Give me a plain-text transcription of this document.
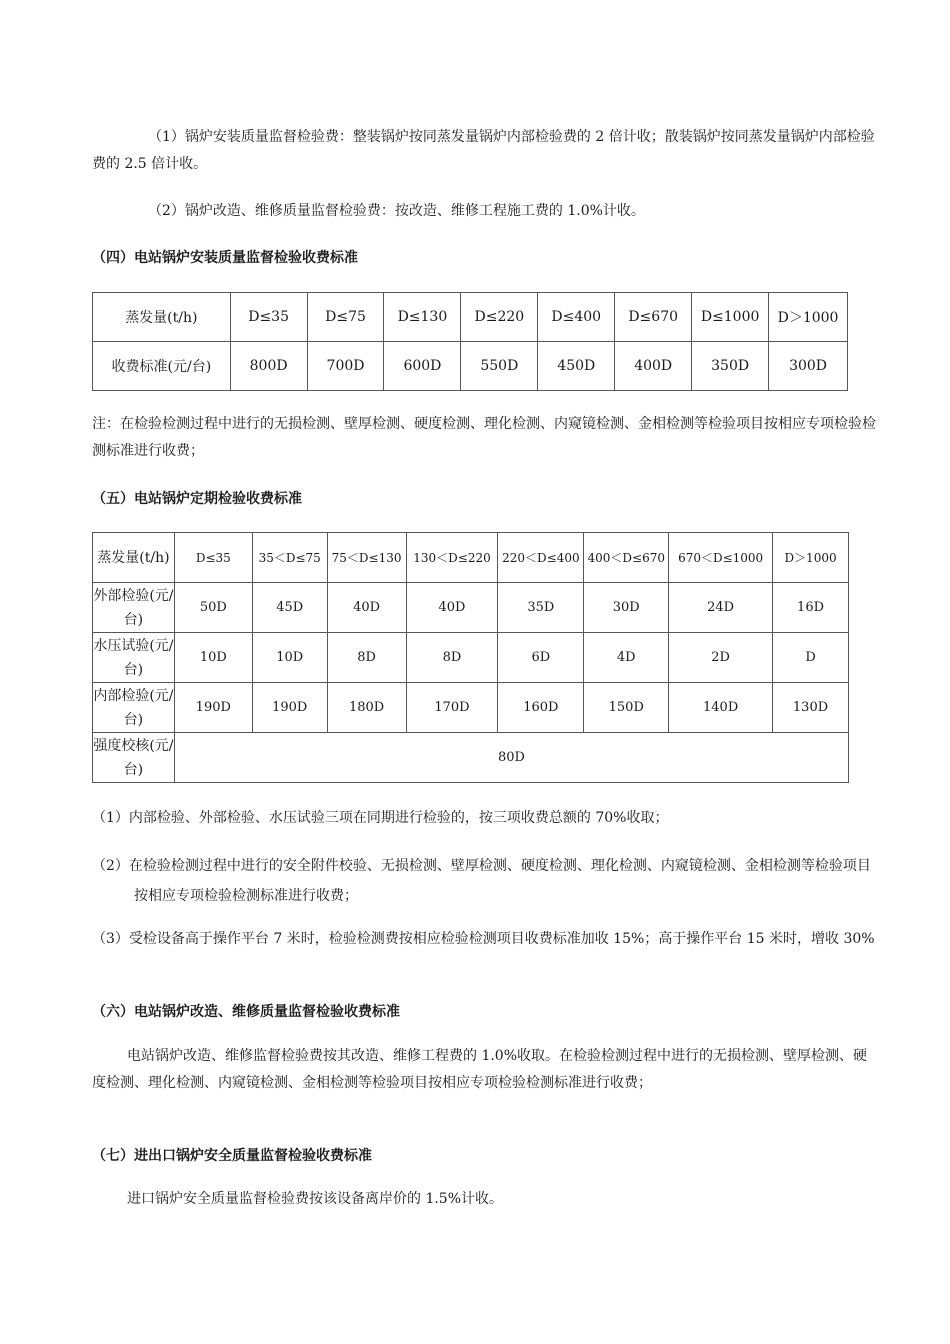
（1）锅炉安装质量监督检验费：整装锅炉按同蒸发量锅炉内部检验费的 2 倍计收；散装锅炉按同蒸发量锅炉内部检验费的 2.5 倍计收。

（2）锅炉改造、维修质量监督检验费：按改造、维修工程施工费的 1.0%计收。

（四）电站锅炉安装质量监督检验收费标准
蒸发量(t/h)	D≤35	D≤75	D≤130	D≤220	D≤400	D≤670	D≤1000	D＞1000
收费标准(元/台)	800D	700D	600D	550D	450D	400D	350D	300D

注：在检验检测过程中进行的无损检测、壁厚检测、硬度检测、理化检测、内窥镜检测、金相检测等检验项目按相应专项检验检测标准进行收费；

（五）电站锅炉定期检验收费标准
蒸发量(t/h)	D≤35	35＜D≤75	75＜D≤130	130＜D≤220	220＜D≤400	400＜D≤670	670＜D≤1000	D＞1000
外部检验(元/台)	50D	45D	40D	40D	35D	30D	24D	16D
水压试验(元/台)	10D	10D	8D	8D	6D	4D	2D	D
内部检验(元/台)	190D	190D	180D	170D	160D	150D	140D	130D
强度校核(元/台)	80D							

（1）内部检验、外部检验、水压试验三项在同期进行检验的，按三项收费总额的 70%收取；

（2）在检验检测过程中进行的安全附件校验、无损检测、壁厚检测、硬度检测、理化检测、内窥镜检测、金相检测等检验项目按相应专项检验检测标准进行收费；

（3）受检设备高于操作平台 7 米时，检验检测费按相应检验检测项目收费标准加收 15%；高于操作平台 15 米时，增收 30%

（六）电站锅炉改造、维修质量监督检验收费标准

电站锅炉改造、维修监督检验费按其改造、维修工程费的 1.0%收取。在检验检测过程中进行的无损检测、壁厚检测、硬度检测、理化检测、内窥镜检测、金相检测等检验项目按相应专项检验检测标准进行收费；

（七）进出口锅炉安全质量监督检验收费标准

进口锅炉安全质量监督检验费按该设备离岸价的 1.5%计收。
